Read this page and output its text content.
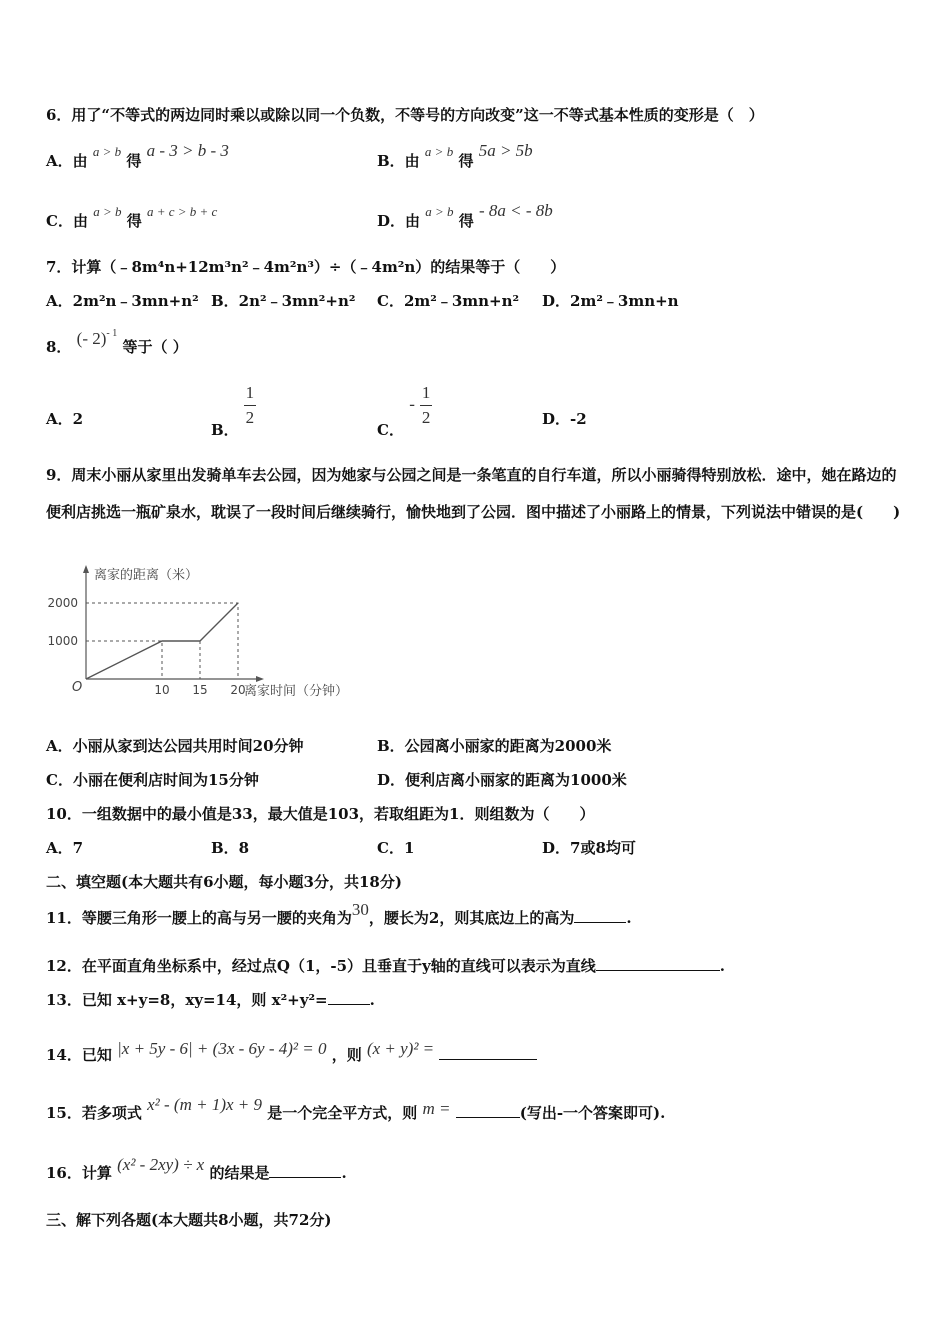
6．用了“不等式的两边同时乘以或除以同一个负数，不等号的方向改变”这一不等式基本性质的变形是（　）
A．由 a > b 得 a - 3 > b - 3
B．由 a > b 得 5a > 5b
C．由 a > b 得 a + c > b + c
D．由 a > b 得 - 8a < - 8b
7．计算（﹣8m⁴n+12m³n²﹣4m²n³）÷（﹣4m²n）的结果等于（　　）
A．2m²n﹣3mn+n² B．2n²﹣3mn²+n² C．2m²﹣3mn+n² D．2m²﹣3mn+n
8． (- 2)$^{- 1}$ 等于（ ）
A．2
B．
$\frac{1}{2}$
C． - $\frac{1}{2}$	D．-2
9．周末小丽从家里出发骑单车去公园，因为她家与公园之间是一条笔直的自行车道，所以小丽骑得特别放松．途中，她在路边的便利店挑选一瓶矿泉水，耽误了一段时间后继续骑行，愉快地到了公园．图中描述了小丽路上的情景，下列说法中错误的是(　　)
10 15 20
1000
2000
O
离家的距离（米）
离家时间（分钟）
A．小丽从家到达公园共用时间20分钟	B．公园离小丽家的距离为2000米
C．小丽在便利店时间为15分钟	D．便利店离小丽家的距离为1000米
10．一组数据中的最小值是33，最大值是103，若取组距为1．则组数为（　　）
A．7	B．8	C．1	D．7或8均可
二、填空题(本大题共有6小题，每小题3分，共18分)
11．等腰三角形一腰上的高与另一腰的夹角为30，腰长为2，则其底边上的高为	.
12．在平面直角坐标系中，经过点Q（1，-5）且垂直于y轴的直线可以表示为直线	.
13．已知 x+y=8，xy=14，则 x²+y²=	.
14．已知 |x + 5y - 6| + (3x - 6y - 4)² = 0 ，则 (x + y)² =
15．若多项式 x² - (m + 1)x + 9 是一个完全平方式，则 m =	(写出-一个答案即可).
16．计算 (x² - 2xy) ÷ x 的结果是	.
三、解下列各题(本大题共8小题，共72分)
